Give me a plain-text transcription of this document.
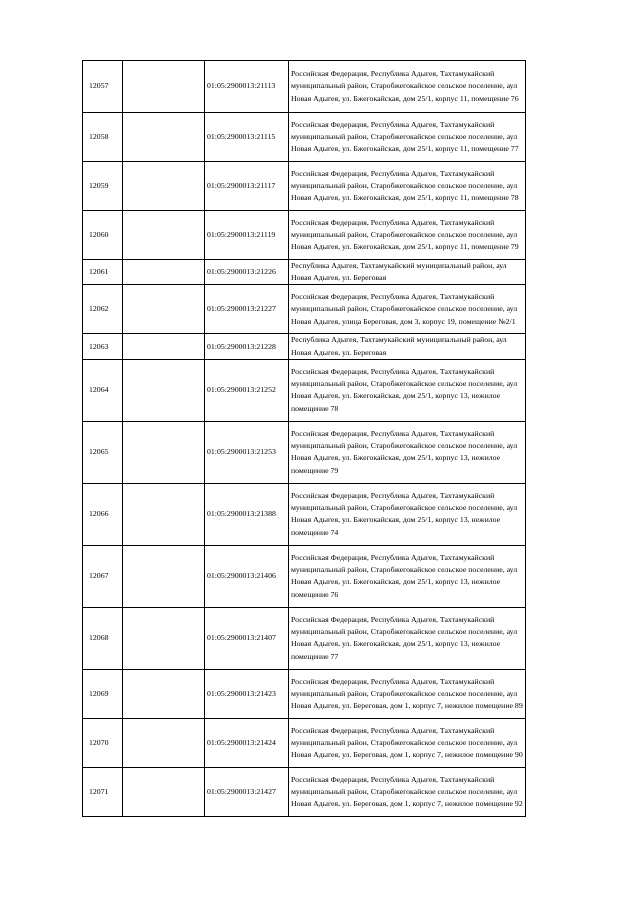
12057		01:05:2900013:21113	Российская Федерация, Республика Адыгея, Тахтамукайский муниципальный район, Старобжегокайское сельское поселение, аул Новая Адыгея, ул. Бжегокайская, дом 25/1, корпус 11, помещение 76
12058		01:05:2900013:21115	Российская Федерация, Республика Адыгея, Тахтамукайский муниципальный район, Старобжегокайское сельское поселение, аул Новая Адыгея, ул. Бжегокайская, дом 25/1, корпус 11, помещение 77
12059		01:05:2900013:21117	Российская Федерация, Республика Адыгея, Тахтамукайский муниципальный район, Старобжегокайское сельское поселение, аул Новая Адыгея, ул. Бжегокайская, дом 25/1, корпус 11, помещение 78
12060		01:05:2900013:21119	Российская Федерация, Республика Адыгея, Тахтамукайский муниципальный район, Старобжегокайское сельское поселение, аул Новая Адыгея, ул. Бжегокайская, дом 25/1, корпус 11, помещение 79
12061		01:05:2900013:21226	Республика Адыгея, Тахтамукайский муниципальный район, аул Новая Адыгея, ул. Береговая
12062		01:05:2900013:21227	Российская Федерация, Республика Адыгея, Тахтамукайский муниципальный район, Старобжегокайское сельское поселение, аул Новая Адыгея, улица Береговая, дом 3, корпус 19, помещение №2/1
12063		01:05:2900013:21228	Республика Адыгея, Тахтамукайский муниципальный район, аул Новая Адыгея, ул. Береговая
12064		01:05:2900013:21252	Российская Федерация, Республика Адыгея, Тахтамукайский муниципальный район, Старобжегокайское сельское поселение, аул Новая Адыгея, ул. Бжегокайская, дом 25/1, корпус 13, нежилое помещение 78
12065		01:05:2900013:21253	Российская Федерация, Республика Адыгея, Тахтамукайский муниципальный район, Старобжегокайское сельское поселение, аул Новая Адыгея, ул. Бжегокайская, дом 25/1, корпус 13, нежилое помещение 79
12066		01:05:2900013:21388	Российская Федерация, Республика Адыгея, Тахтамукайский муниципальный район, Старобжегокайское сельское поселение, аул Новая Адыгея, ул. Бжегокайская, дом 25/1, корпус 13, нежилое помещение 74
12067		01:05:2900013:21406	Российская Федерация, Республика Адыгея, Тахтамукайский муниципальный район, Старобжегокайское сельское поселение, аул Новая Адыгея, ул. Бжегокайская, дом 25/1, корпус 13, нежилое помещение 76
12068		01:05:2900013:21407	Российская Федерация, Республика Адыгея, Тахтамукайский муниципальный район, Старобжегокайское сельское поселение, аул Новая Адыгея, ул. Бжегокайская, дом 25/1, корпус 13, нежилое помещение 77
12069		01:05:2900013:21423	Российская Федерация, Республика Адыгея, Тахтамукайский муниципальный район, Старобжегокайское сельское поселение, аул Новая Адыгея, ул. Береговая, дом 1, корпус 7, нежилое помещение 89
12070		01:05:2900013:21424	Российская Федерация, Республика Адыгея, Тахтамукайский муниципальный район, Старобжегокайское сельское поселение, аул Новая Адыгея, ул. Береговая, дом 1, корпус 7, нежилое помещение 90
12071		01:05:2900013:21427	Российская Федерация, Республика Адыгея, Тахтамукайский муниципальный район, Старобжегокайское сельское поселение, аул Новая Адыгея, ул. Береговая, дом 1, корпус 7, нежилое помещение 92
